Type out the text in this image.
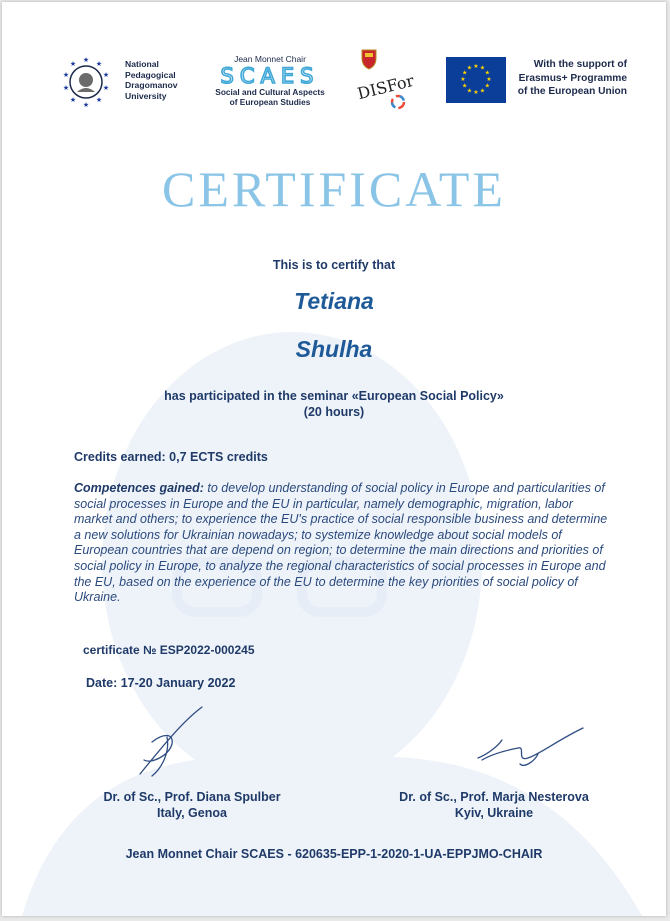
★ ★
★
★
★
★
★
★
★
★	National
Pedagogical
Dragomanov
University
Jean Monnet Chair
SCAES
Social and Cultural Aspects
of European Studies	DISFor
★ ★
★
★
★
★
★
★
★
★
★
★	With the support of
Erasmus+ Programme
of the European Union
CERTIFICATE
This is to certify that
Tetiana
Shulha
has participated in the seminar «European Social Policy»
(20 hours)
Credits earned: 0,7 ECTS credits
Competences gained: to develop understanding of social policy in Europe and particularities of social processes in Europe and the EU in particular, namely demographic, migration, labor market and others; to experience the EU's practice of social responsible business and determine a new solutions for Ukrainian nowadays; to systemize knowledge about social models of European countries that are depend on region; to determine the main directions and priorities of social policy in Europe, to analyze the regional characteristics of social processes in Europe and the EU, based on the experience of the EU to determine the key priorities of social policy of Ukraine.
certificate № ESP2022-000245
Date: 17-20 January 2022
Dr. of Sc., Prof. Diana Spulber
Italy, Genoa
Dr. of Sc., Prof. Marja Nesterova
Kyiv, Ukraine
Jean Monnet Chair SCAES - 620635-EPP-1-2020-1-UA-EPPJMO-CHAIR
